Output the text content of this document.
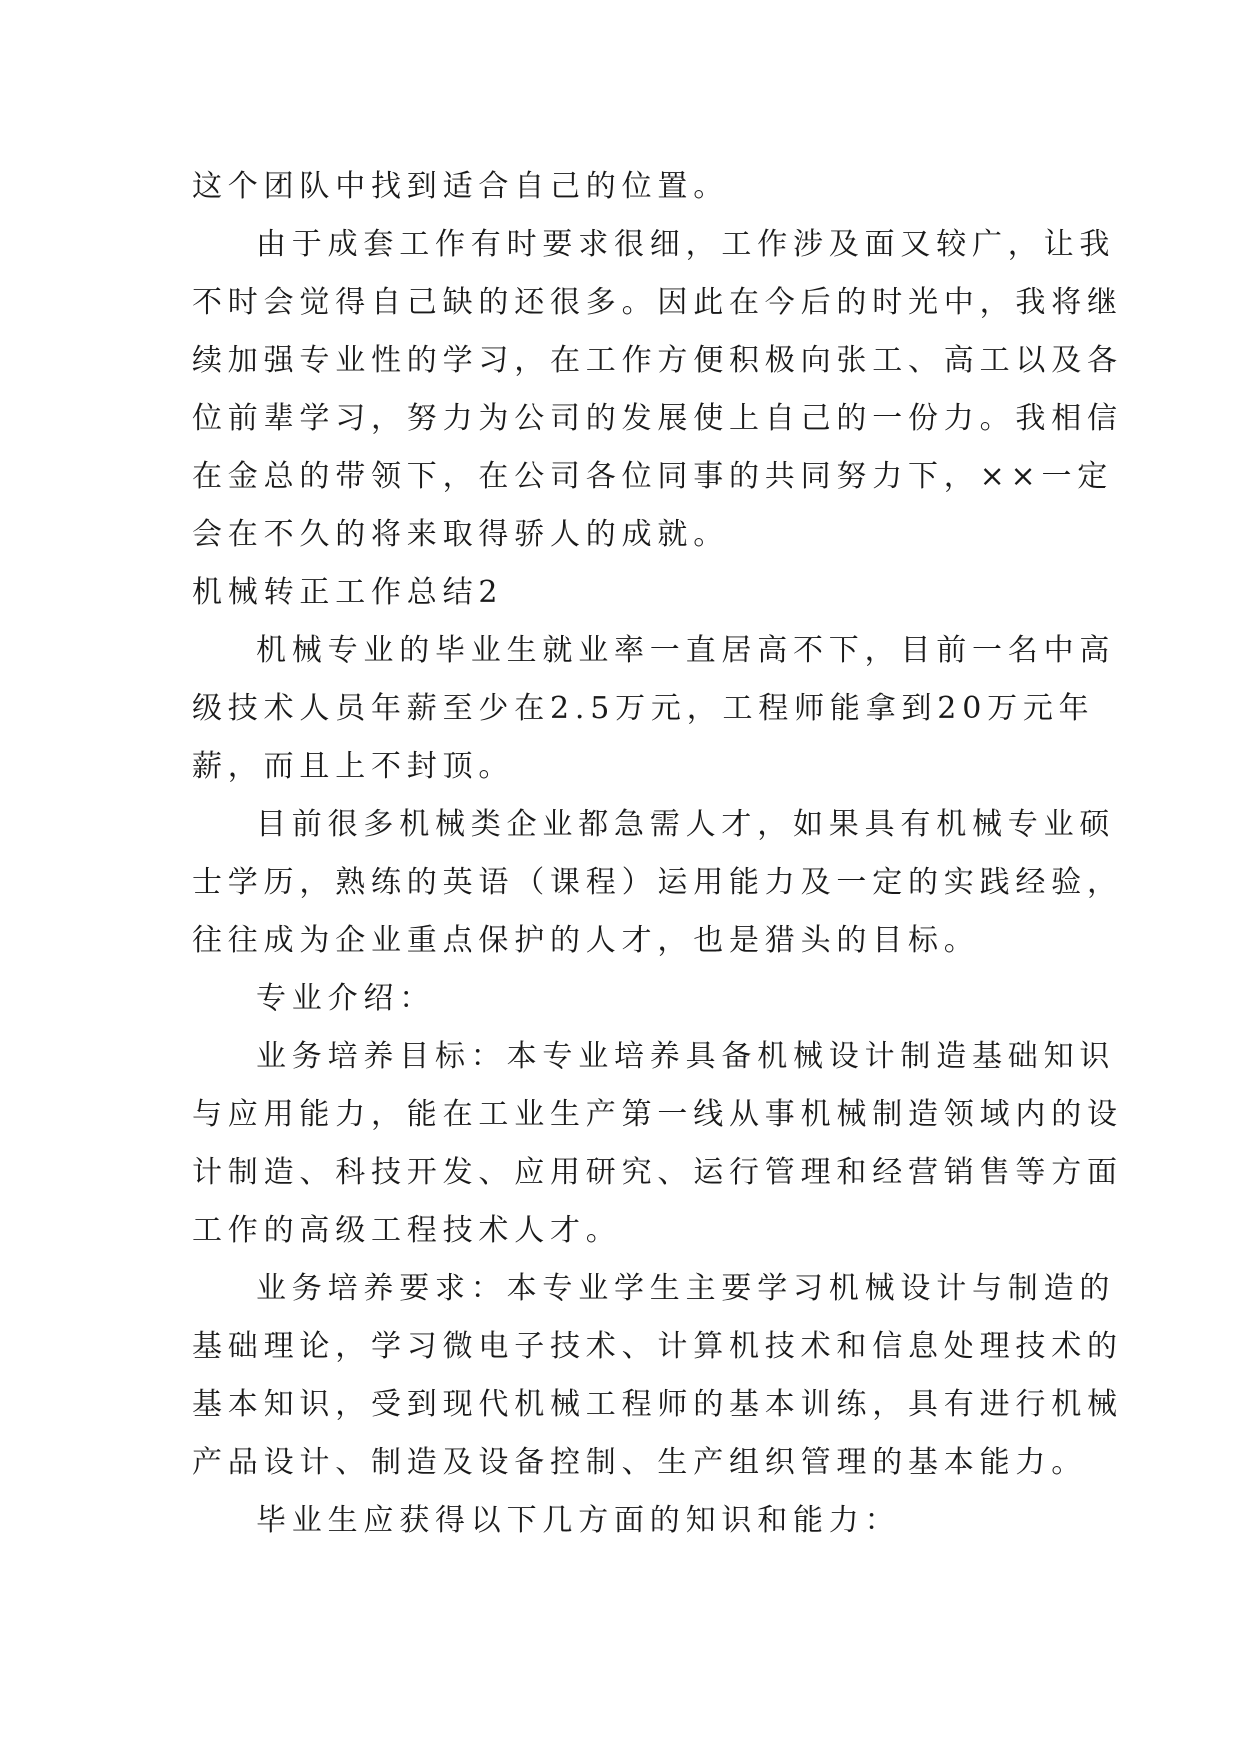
这个团队中找到适合自己的位置。
由于成套工作有时要求很细，工作涉及面又较广，让我
不时会觉得自己缺的还很多。因此在今后的时光中，我将继
续加强专业性的学习，在工作方便积极向张工、高工以及各
位前辈学习，努力为公司的发展使上自己的一份力。我相信
在金总的带领下，在公司各位同事的共同努力下，××一定
会在不久的将来取得骄人的成就。
机械转正工作总结2
机械专业的毕业生就业率一直居高不下，目前一名中高
级技术人员年薪至少在2.5万元，工程师能拿到20万元年
薪，而且上不封顶。
目前很多机械类企业都急需人才，如果具有机械专业硕
士学历，熟练的英语（课程）运用能力及一定的实践经验，
往往成为企业重点保护的人才，也是猎头的目标。
专业介绍：
业务培养目标：本专业培养具备机械设计制造基础知识
与应用能力，能在工业生产第一线从事机械制造领域内的设
计制造、科技开发、应用研究、运行管理和经营销售等方面
工作的高级工程技术人才。
业务培养要求：本专业学生主要学习机械设计与制造的
基础理论，学习微电子技术、计算机技术和信息处理技术的
基本知识，受到现代机械工程师的基本训练，具有进行机械
产品设计、制造及设备控制、生产组织管理的基本能力。
毕业生应获得以下几方面的知识和能力：
